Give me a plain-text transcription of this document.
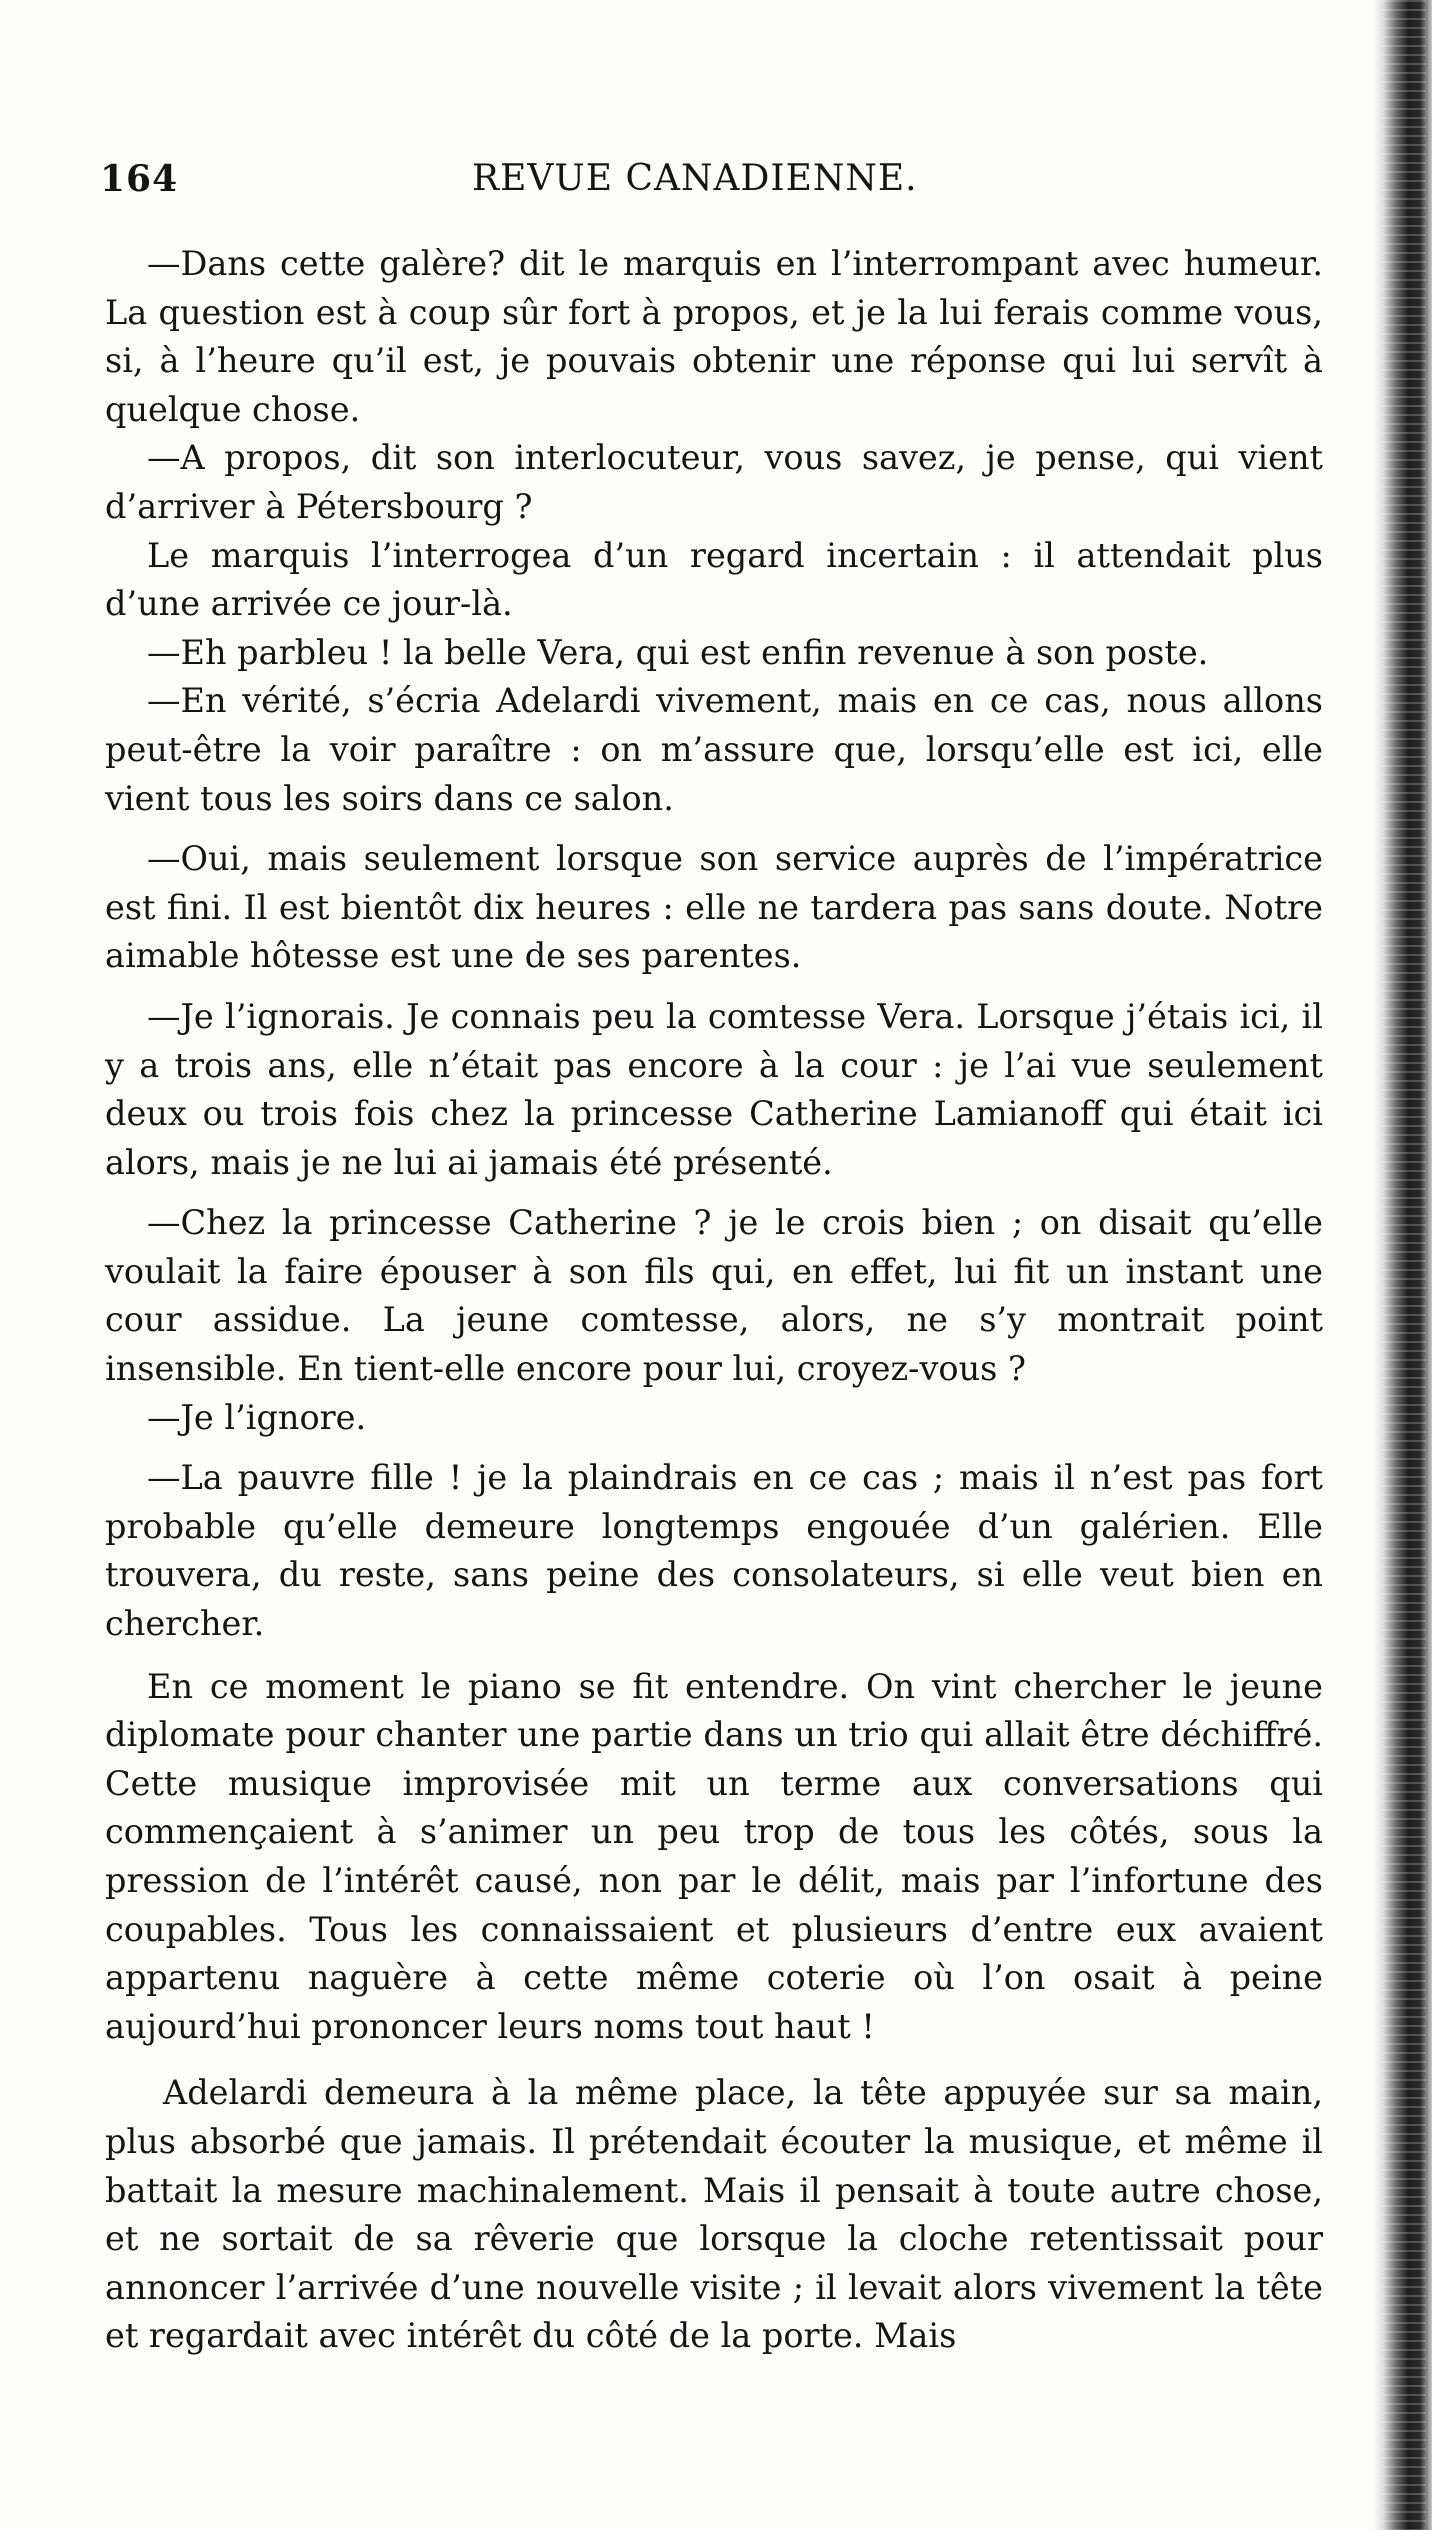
164	REVUE CANADIENNE.

—Dans cette galère? dit le marquis en l’interrompant avec humeur. La question est à coup sûr fort à propos, et je la lui ferais comme vous, si, à l’heure qu’il est, je pouvais obtenir une réponse qui lui servît à quelque chose.

—A propos, dit son interlocuteur, vous savez, je pense, qui vient d’arriver à Pétersbourg ?

Le marquis l’interrogea d’un regard incertain : il attendait plus d’une arrivée ce jour-là.

—Eh parbleu ! la belle Vera, qui est enfin revenue à son poste.

—En vérité, s’écria Adelardi vivement, mais en ce cas, nous allons peut-être la voir paraître : on m’assure que, lorsqu’elle est ici, elle vient tous les soirs dans ce salon.

—Oui, mais seulement lorsque son service auprès de l’impératrice est fini. Il est bientôt dix heures : elle ne tardera pas sans doute. Notre aimable hôtesse est une de ses parentes.

—Je l’ignorais. Je connais peu la comtesse Vera. Lorsque j’étais ici, il y a trois ans, elle n’était pas encore à la cour : je l’ai vue seulement deux ou trois fois chez la princesse Catherine Lamianoff qui était ici alors, mais je ne lui ai jamais été présenté.

—Chez la princesse Catherine ? je le crois bien ; on disait qu’elle voulait la faire épouser à son fils qui, en effet, lui fit un instant une cour assidue. La jeune comtesse, alors, ne s’y montrait point insensible. En tient-elle encore pour lui, croyez-vous ?

—Je l’ignore.

—La pauvre fille ! je la plaindrais en ce cas ; mais il n’est pas fort probable qu’elle demeure longtemps engouée d’un galérien. Elle trouvera, du reste, sans peine des consolateurs, si elle veut bien en chercher.

En ce moment le piano se fit entendre. On vint chercher le jeune diplomate pour chanter une partie dans un trio qui allait être déchiffré. Cette musique improvisée mit un terme aux conversations qui commençaient à s’animer un peu trop de tous les côtés, sous la pression de l’intérêt causé, non par le délit, mais par l’infortune des coupables. Tous les connaissaient et plusieurs d’entre eux avaient appartenu naguère à cette même coterie où l’on osait à peine aujourd’hui prononcer leurs noms tout haut !

Adelardi demeura à la même place, la tête appuyée sur sa main, plus absorbé que jamais. Il prétendait écouter la musique, et même il battait la mesure machinalement. Mais il pensait à toute autre chose, et ne sortait de sa rêverie que lorsque la cloche retentissait pour annoncer l’arrivée d’une nouvelle visite ; il levait alors vivement la tête et regardait avec intérêt du côté de la porte. Mais
